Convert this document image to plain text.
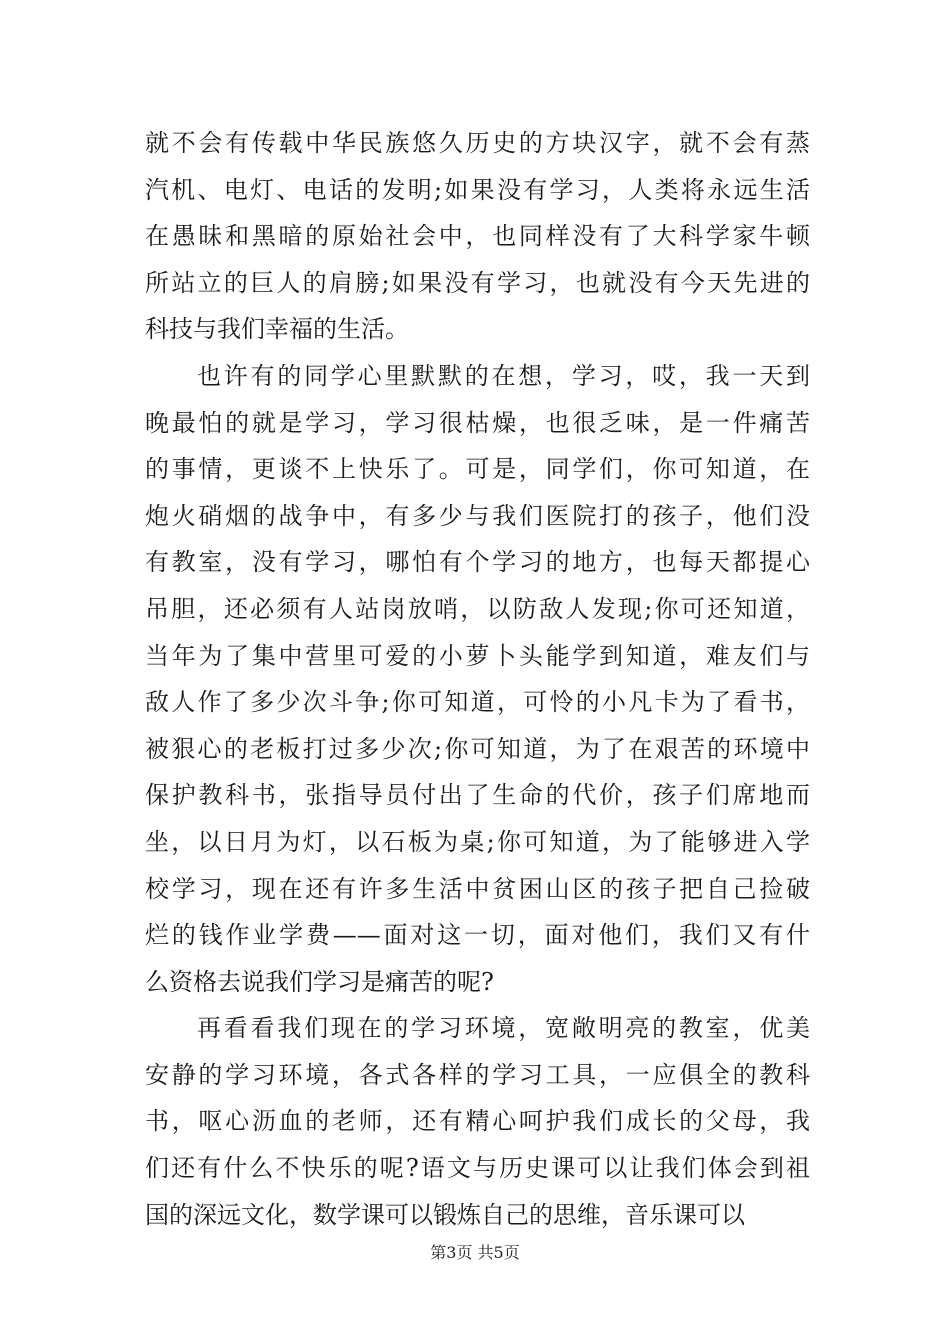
就不会有传载中华民族悠久历史的方块汉字，就不会有蒸
汽机、电灯、电话的发明;如果没有学习，人类将永远生活
在愚昧和黑暗的原始社会中，也同样没有了大科学家牛顿
所站立的巨人的肩膀;如果没有学习，也就没有今天先进的
科技与我们幸福的生活。
也许有的同学心里默默的在想，学习，哎，我一天到
晚最怕的就是学习，学习很枯燥，也很乏味，是一件痛苦
的事情，更谈不上快乐了。可是，同学们，你可知道，在
炮火硝烟的战争中，有多少与我们医院打的孩子，他们没
有教室，没有学习，哪怕有个学习的地方，也每天都提心
吊胆，还必须有人站岗放哨，以防敌人发现;你可还知道，
当年为了集中营里可爱的小萝卜头能学到知道，难友们与
敌人作了多少次斗争;你可知道，可怜的小凡卡为了看书，
被狠心的老板打过多少次;你可知道，为了在艰苦的环境中
保护教科书，张指导员付出了生命的代价，孩子们席地而
坐，以日月为灯，以石板为桌;你可知道，为了能够进入学
校学习，现在还有许多生活中贫困山区的孩子把自己捡破
烂的钱作业学费——面对这一切，面对他们，我们又有什
么资格去说我们学习是痛苦的呢?
再看看我们现在的学习环境，宽敞明亮的教室，优美
安静的学习环境，各式各样的学习工具，一应俱全的教科
书，呕心沥血的老师，还有精心呵护我们成长的父母，我
们还有什么不快乐的呢?语文与历史课可以让我们体会到祖
国的深远文化，数学课可以锻炼自己的思维，音乐课可以
第3页 共5页
